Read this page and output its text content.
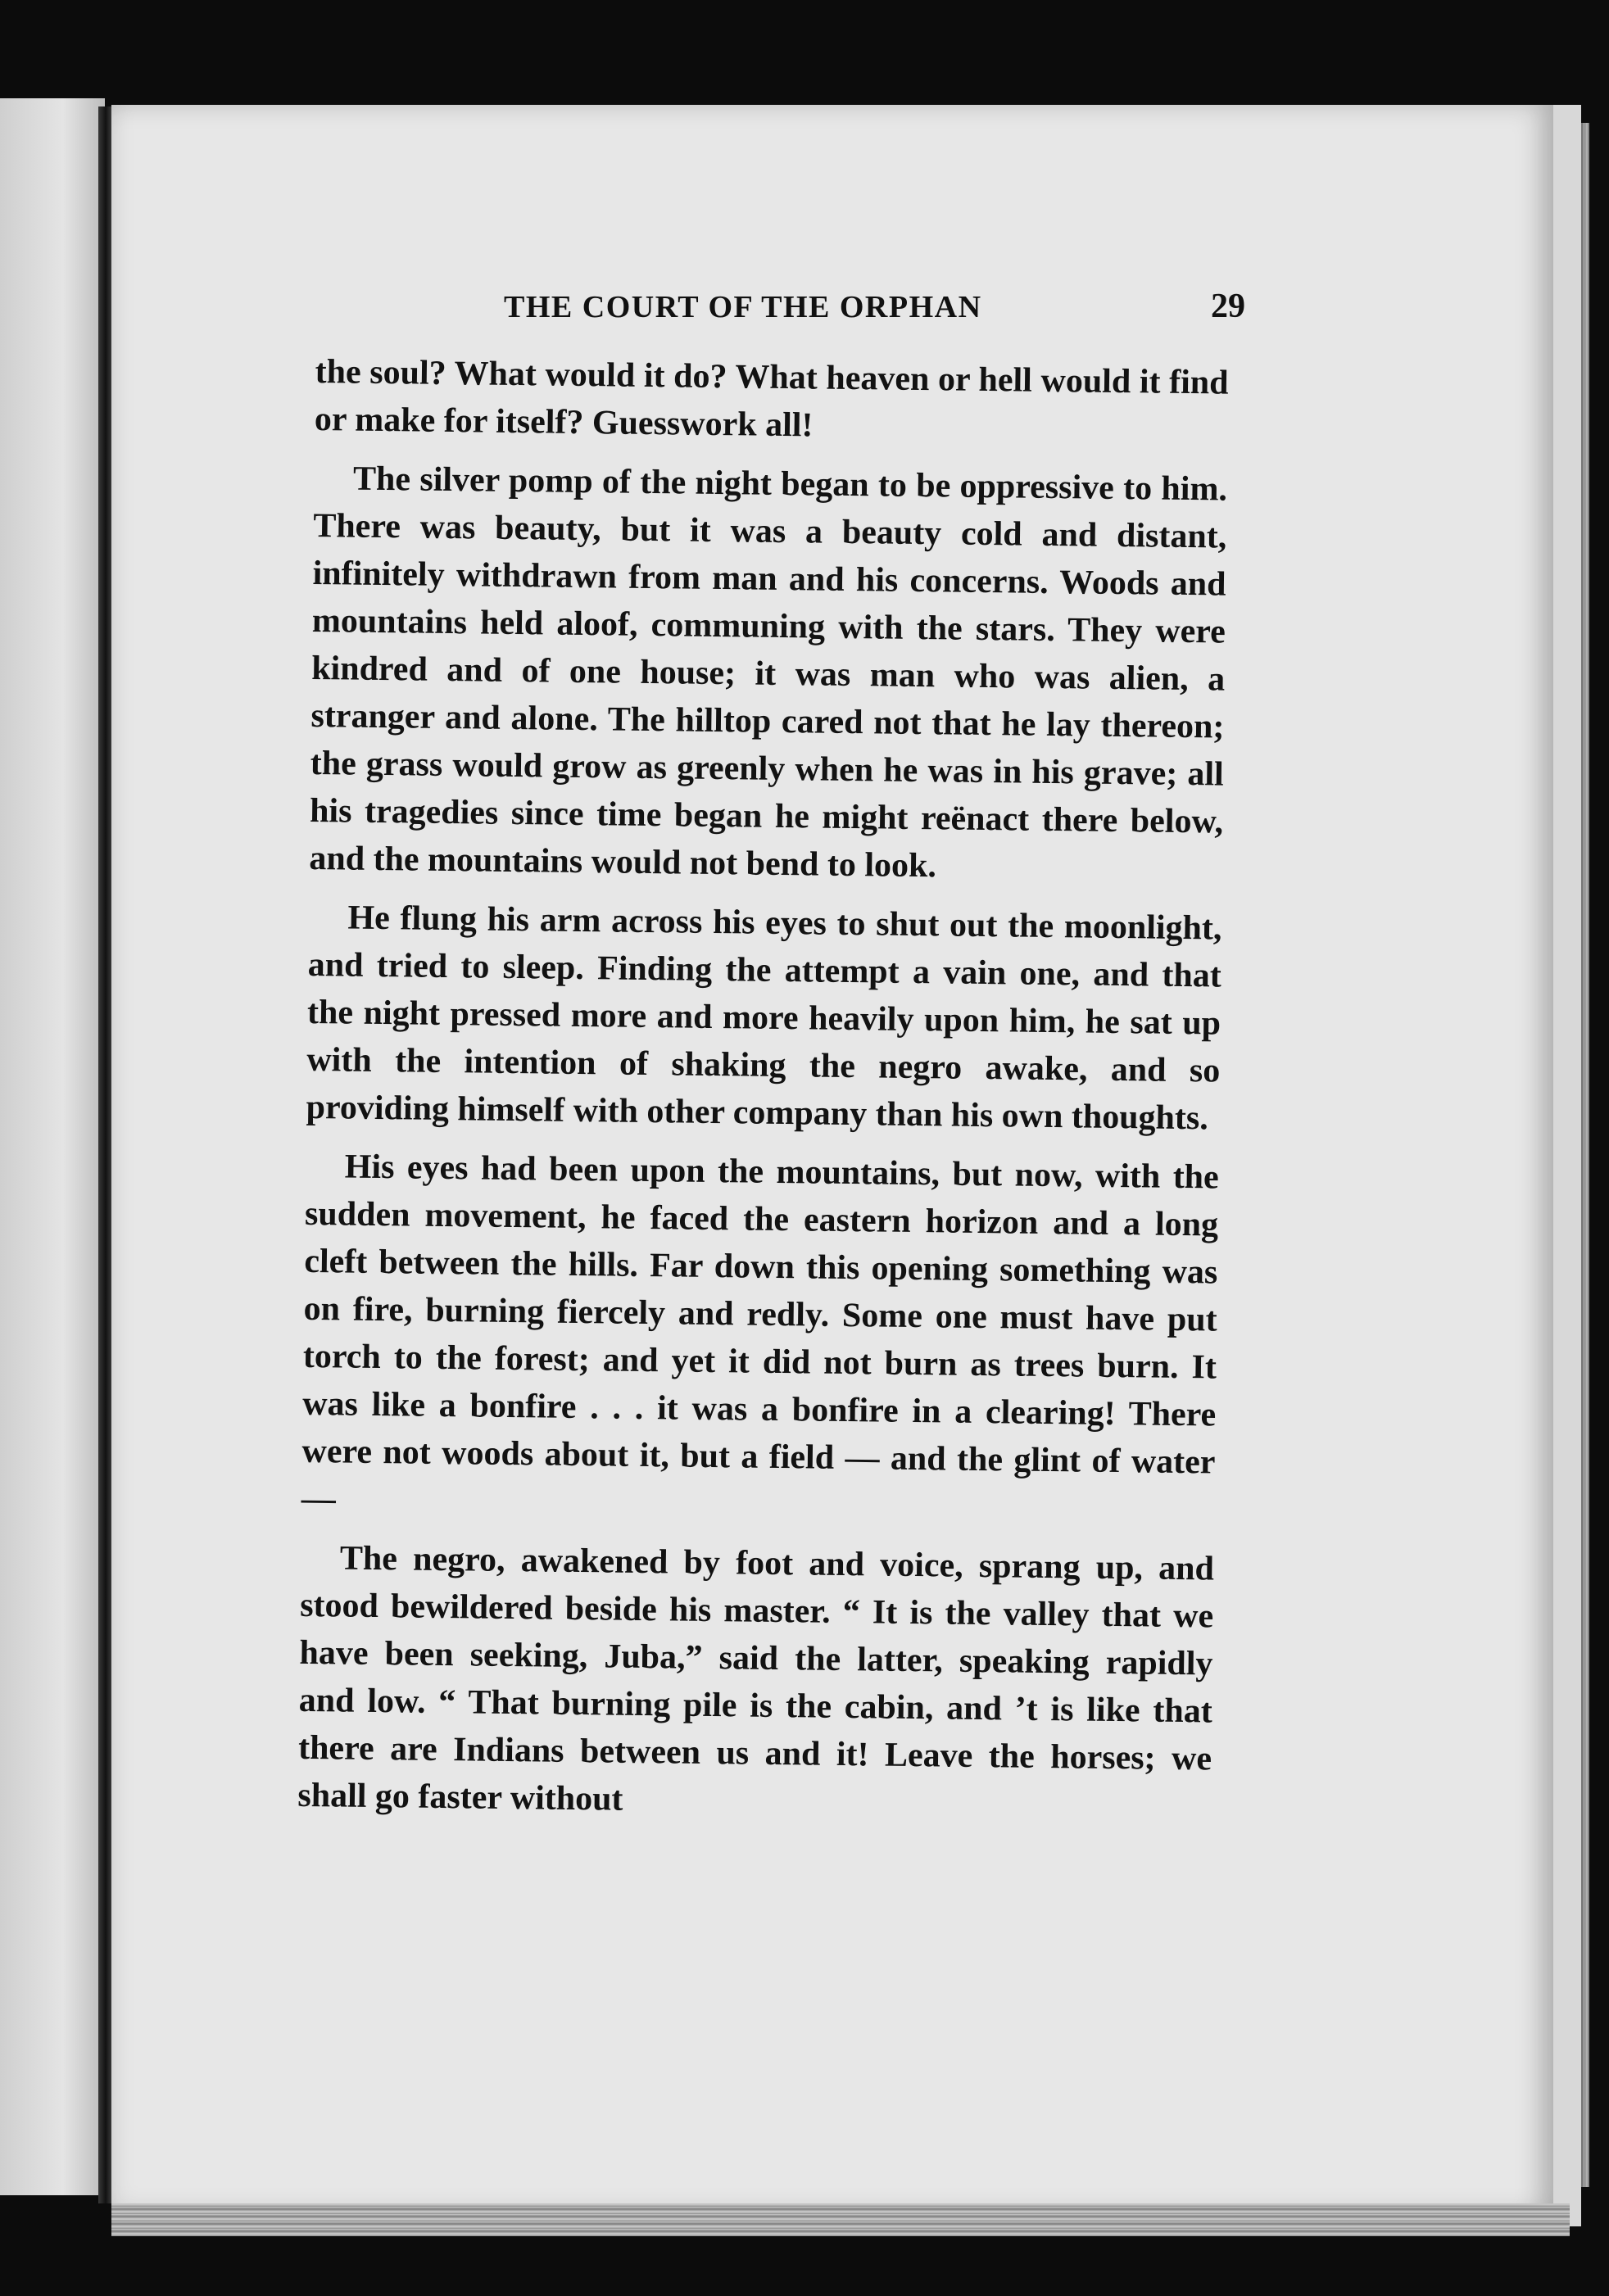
THE COURT OF THE ORPHAN	29

the soul? What would it do? What heaven or hell would it find or make for itself? Guesswork all!

The silver pomp of the night began to be oppressive to him. There was beauty, but it was a beauty cold and distant, infinitely withdrawn from man and his concerns. Woods and mountains held aloof, communing with the stars. They were kindred and of one house; it was man who was alien, a stranger and alone. The hilltop cared not that he lay thereon; the grass would grow as greenly when he was in his grave; all his tragedies since time began he might reënact there below, and the mountains would not bend to look.

He flung his arm across his eyes to shut out the moonlight, and tried to sleep. Finding the attempt a vain one, and that the night pressed more and more heavily upon him, he sat up with the intention of shaking the negro awake, and so providing himself with other company than his own thoughts.

His eyes had been upon the mountains, but now, with the sudden movement, he faced the eastern horizon and a long cleft between the hills. Far down this opening something was on fire, burning fiercely and redly. Some one must have put torch to the forest; and yet it did not burn as trees burn. It was like a bonfire . . . it was a bonfire in a clearing! There were not woods about it, but a field — and the glint of water —

The negro, awakened by foot and voice, sprang up, and stood bewildered beside his master. “ It is the valley that we have been seeking, Juba,” said the latter, speaking rapidly and low. “ That burning pile is the cabin, and ’t is like that there are Indians between us and it! Leave the horses; we shall go faster without
